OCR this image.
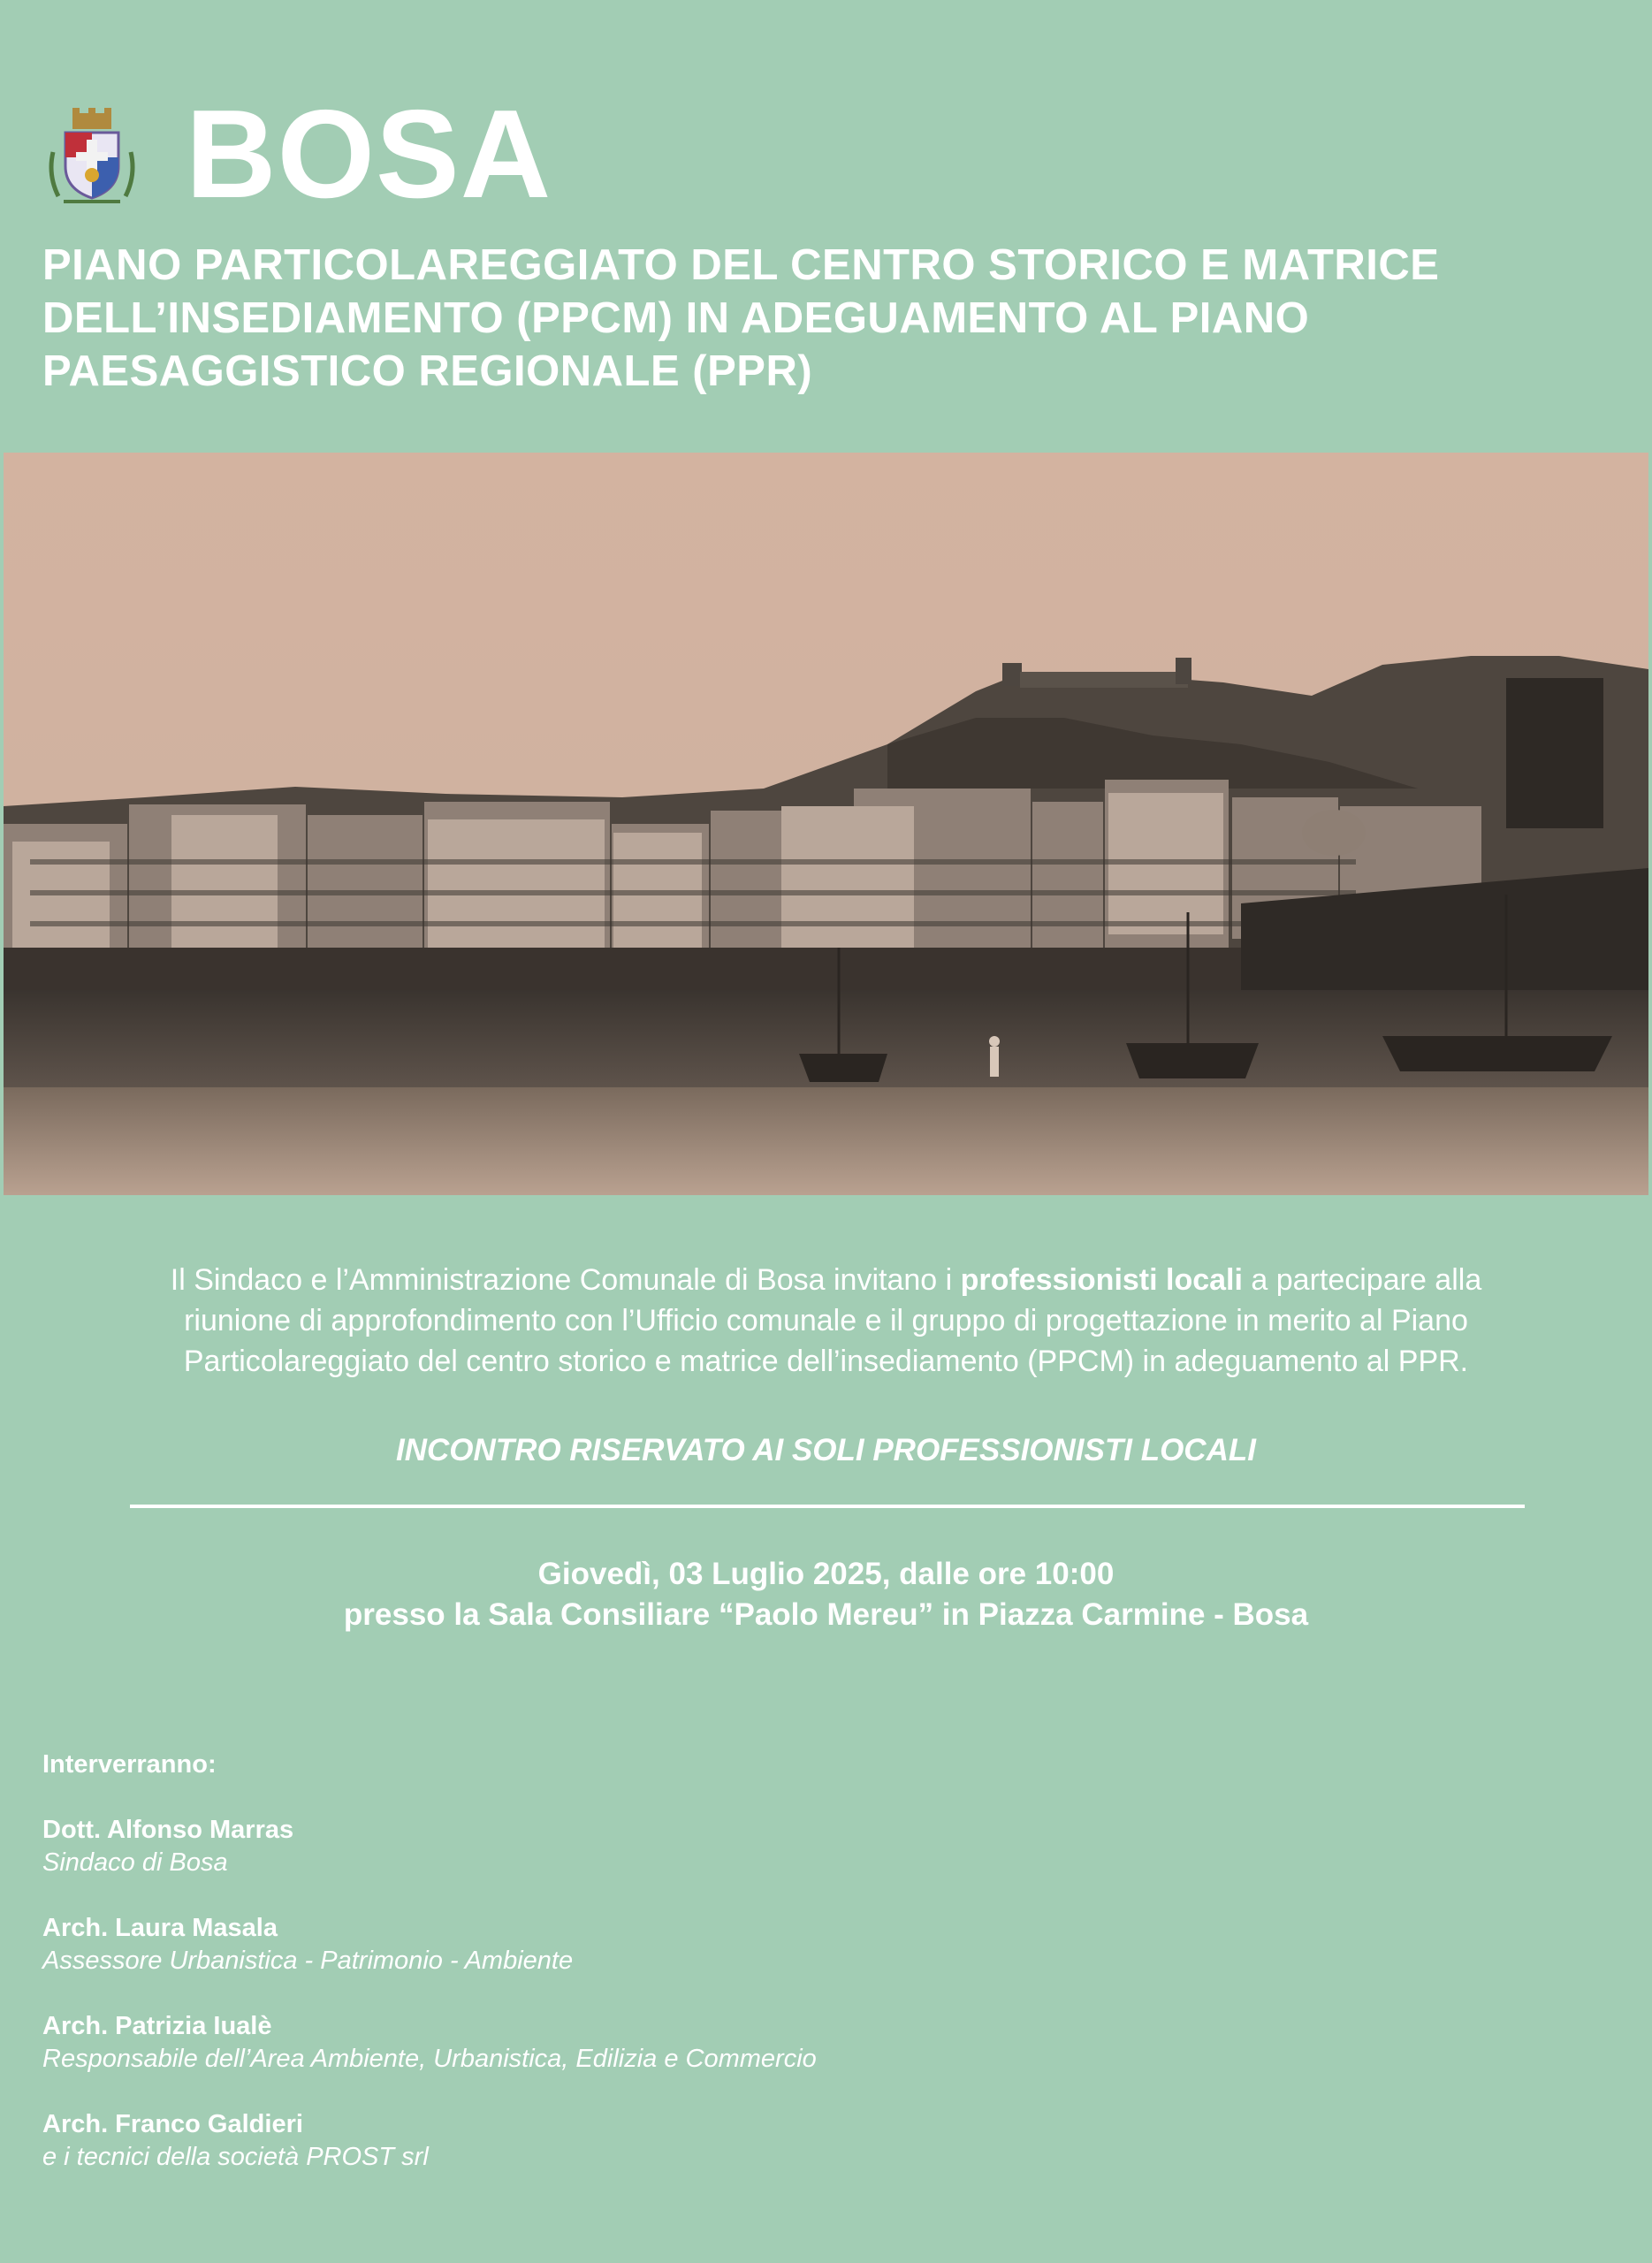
BOSA
PIANO PARTICOLAREGGIATO DEL CENTRO STORICO E MATRICE
DELL’INSEDIAMENTO (PPCM) IN ADEGUAMENTO AL PIANO
PAESAGGISTICO REGIONALE (PPR)

Il Sindaco e l’Amministrazione Comunale di Bosa invitano i professionisti locali a partecipare alla
riunione di approfondimento con l’Ufficio comunale e il gruppo di progettazione in merito al Piano
Particolareggiato del centro storico e matrice dell’insediamento (PPCM) in adeguamento al PPR.

INCONTRO RISERVATO AI SOLI PROFESSIONISTI LOCALI

Giovedì, 03 Luglio 2025, dalle ore 10:00
presso la Sala Consiliare “Paolo Mereu” in Piazza Carmine - Bosa

Interverranno:
Dott. Alfonso Marras
Sindaco di Bosa
Arch. Laura Masala
Assessore Urbanistica - Patrimonio - Ambiente
Arch. Patrizia Iualè
Responsabile dell’Area Ambiente, Urbanistica, Edilizia e Commercio
Arch. Franco Galdieri
e i tecnici della società PROST srl
